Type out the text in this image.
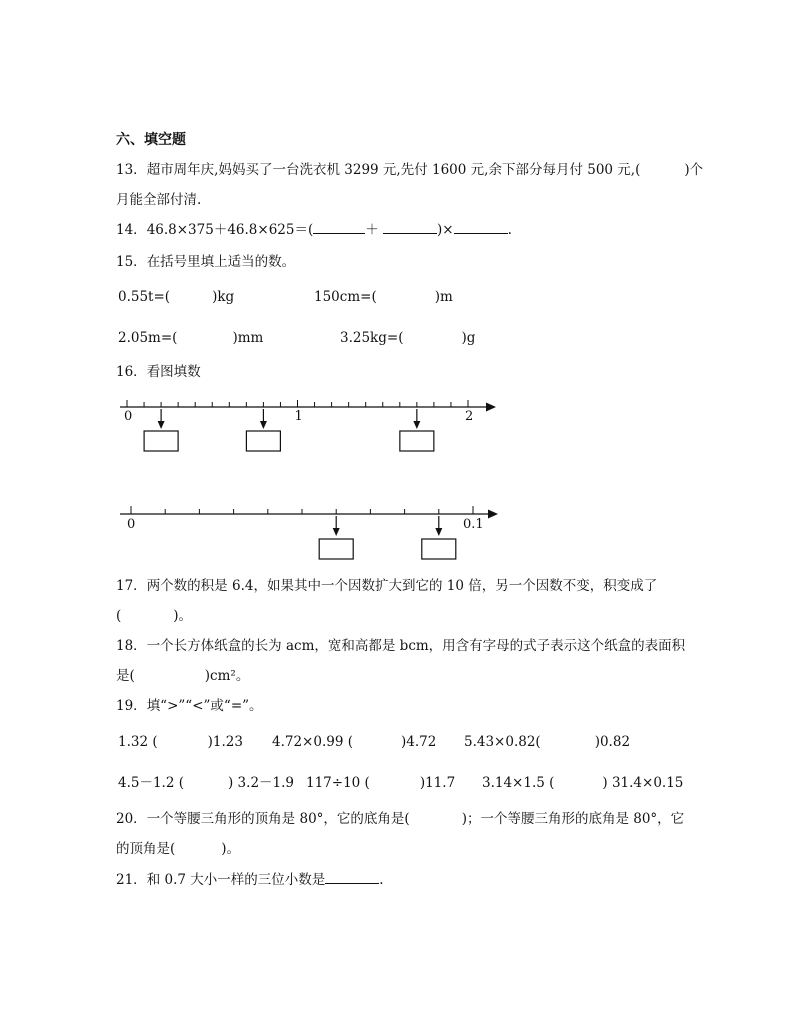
六、填空题
13．超市周年庆,妈妈买了一台洗衣机 3299 元,先付 1600 元,余下部分每月付 500 元,(	)个
月能全部付清.
14．46.8×375＋46.8×625＝(	＋	)×	.
15．在括号里填上适当的数。
0.55t=(	)kg	150cm=(	)m
2.05m=(	)mm	3.25kg=(	)g
16．看图填数
0	1	2
0	0.1
17．两个数的积是 6.4，如果其中一个因数扩大到它的 10 倍，另一个因数不变，积变成了
(	)。
18．一个长方体纸盒的长为 acm，宽和高都是 bcm，用含有字母的式子表示这个纸盒的表面积
是(	)cm²。
19．填“>”“<”或“=”。
1.32 (	)1.23 4.72×0.99 (	)4.72 5.43×0.82(	)0.82
4.5－1.2 (	) 3.2－1.9 117÷10 (	)11.7 3.14×1.5 (	) 31.4×0.15
20．一个等腰三角形的顶角是 80°，它的底角是(	)；一个等腰三角形的底角是 80°，它
的顶角是(	)。
21．和 0.7 大小一样的三位小数是	.
